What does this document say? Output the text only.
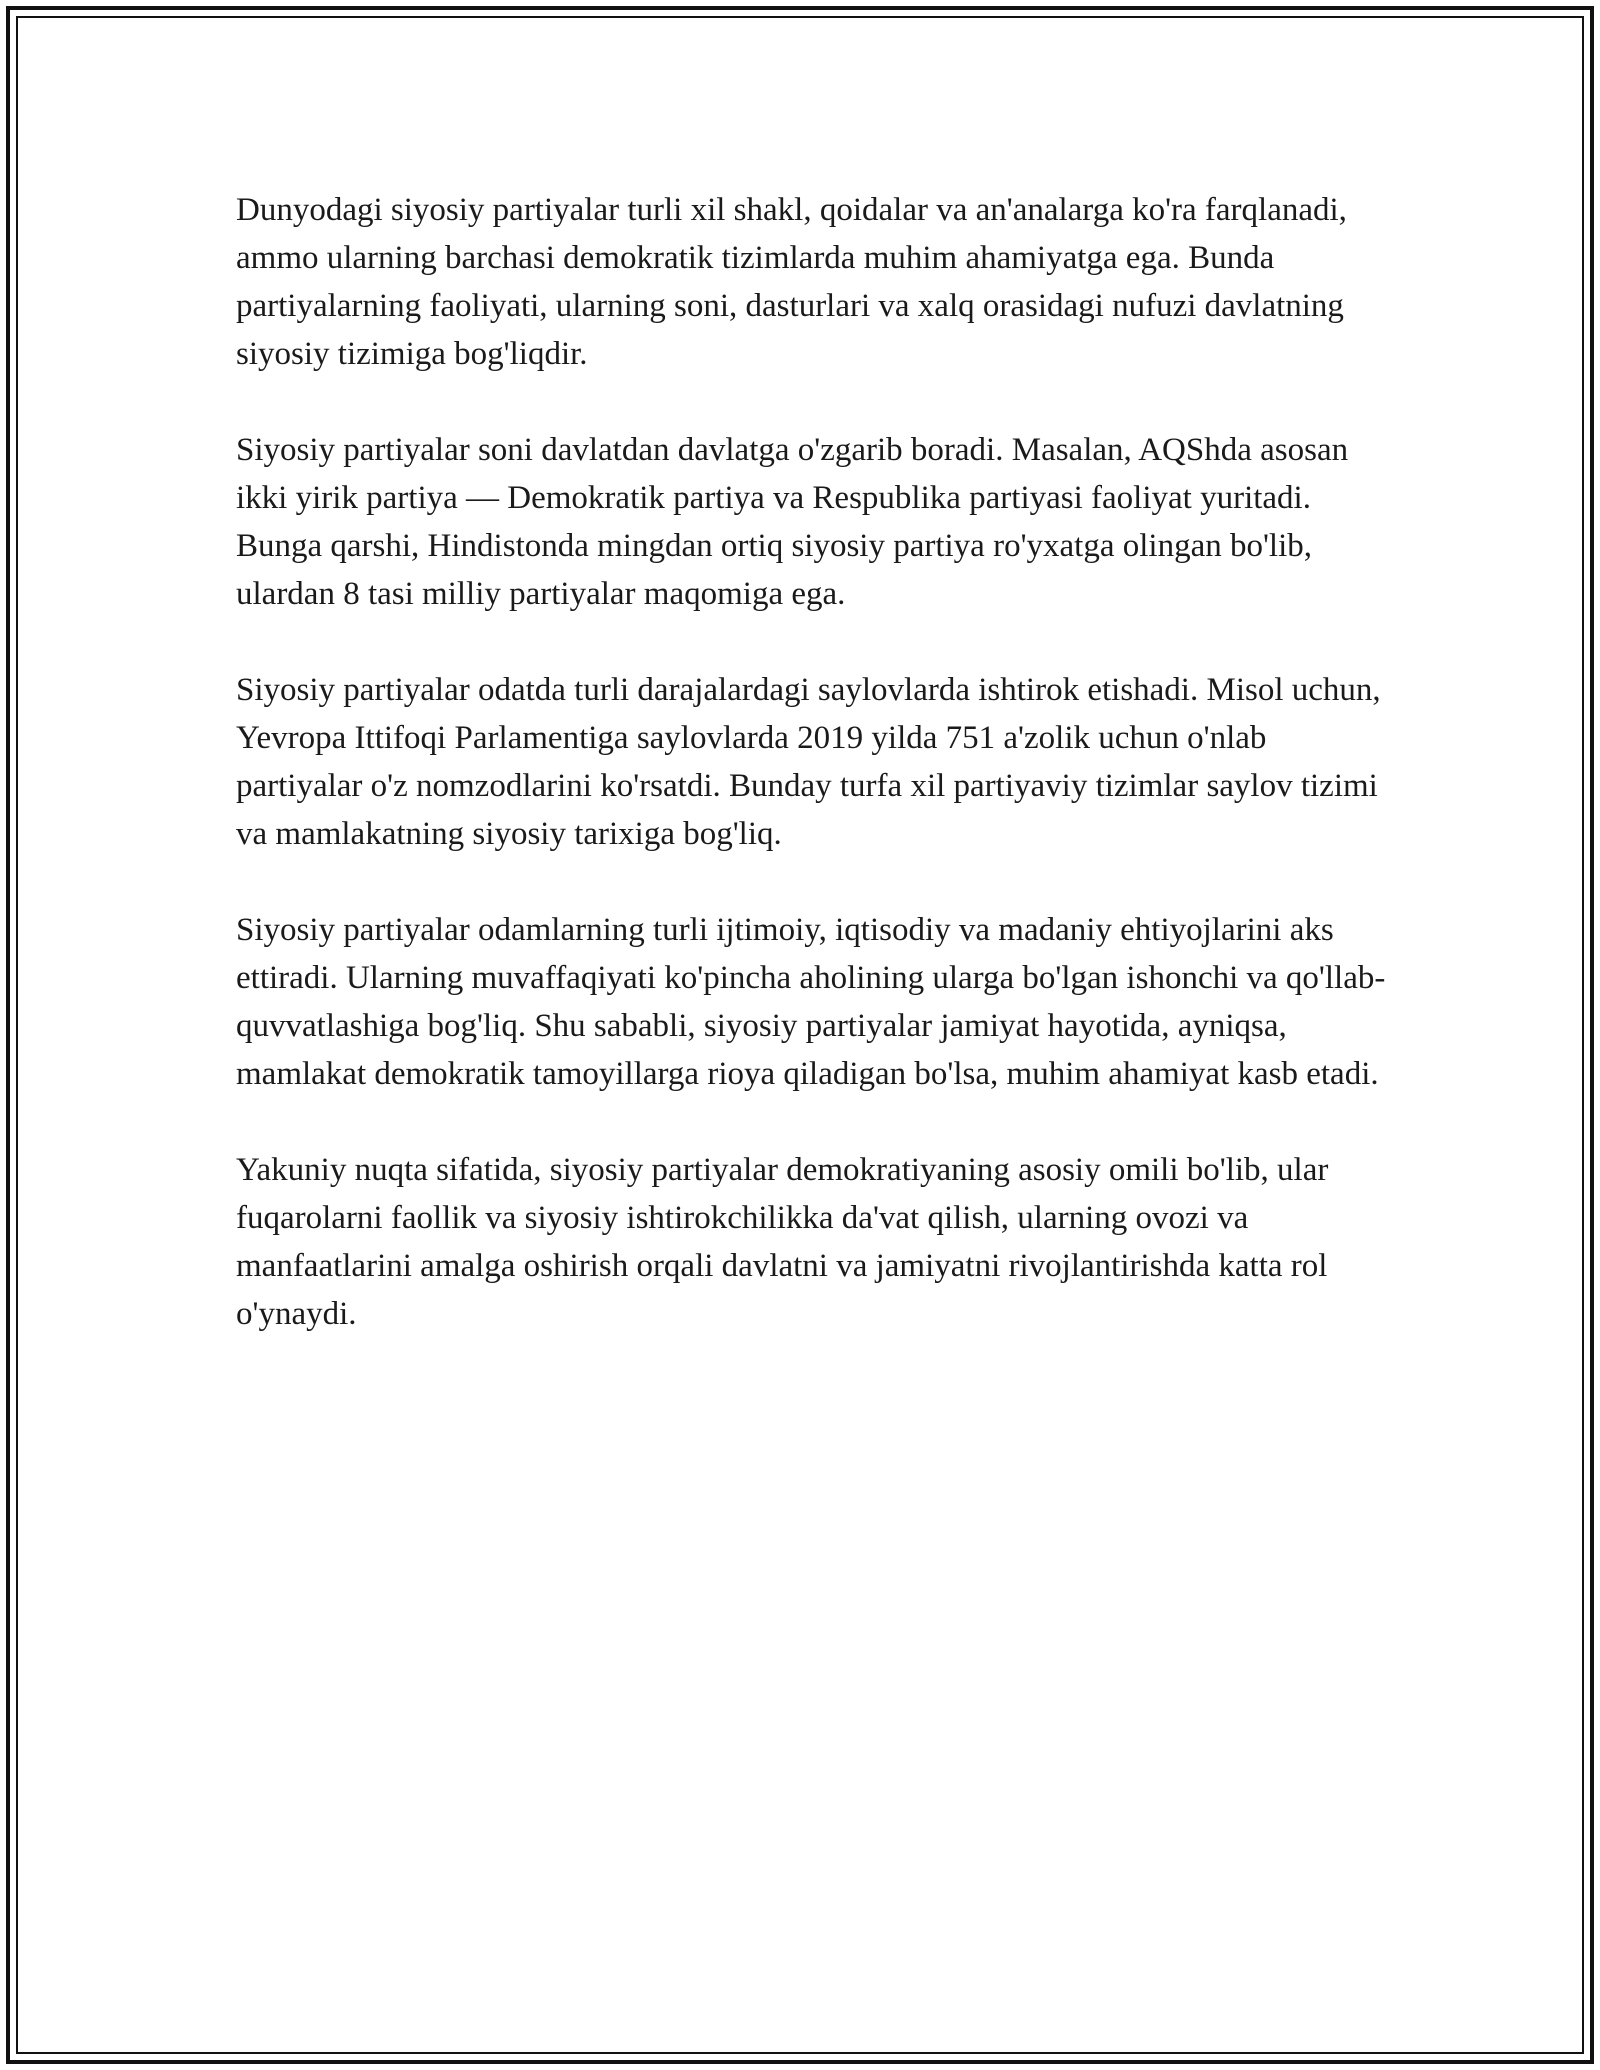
Dunyodagi siyosiy partiyalar turli xil shakl, qoidalar va an'analarga ko'ra farqlanadi, ammo ularning barchasi demokratik tizimlarda muhim ahamiyatga ega. Bunda partiyalarning faoliyati, ularning soni, dasturlari va xalq orasidagi nufuzi davlatning siyosiy tizimiga bog'liqdir.

Siyosiy partiyalar soni davlatdan davlatga o'zgarib boradi. Masalan, AQShda asosan ikki yirik partiya — Demokratik partiya va Respublika partiyasi faoliyat yuritadi. Bunga qarshi, Hindistonda mingdan ortiq siyosiy partiya ro'yxatga olingan bo'lib, ulardan 8 tasi milliy partiyalar maqomiga ega.

Siyosiy partiyalar odatda turli darajalardagi saylovlarda ishtirok etishadi. Misol uchun, Yevropa Ittifoqi Parlamentiga saylovlarda 2019 yilda 751 a'zolik uchun o'nlab partiyalar o'z nomzodlarini ko'rsatdi. Bunday turfa xil partiyaviy tizimlar saylov tizimi va mamlakatning siyosiy tarixiga bog'liq.

Siyosiy partiyalar odamlarning turli ijtimoiy, iqtisodiy va madaniy ehtiyojlarini aks ettiradi. Ularning muvaffaqiyati ko'pincha aholining ularga bo'lgan ishonchi va qo'llab-quvvatlashiga bog'liq. Shu sababli, siyosiy partiyalar jamiyat hayotida, ayniqsa, mamlakat demokratik tamoyillarga rioya qiladigan bo'lsa, muhim ahamiyat kasb etadi.

Yakuniy nuqta sifatida, siyosiy partiyalar demokratiyaning asosiy omili bo'lib, ular fuqarolarni faollik va siyosiy ishtirokchilikka da'vat qilish, ularning ovozi va manfaatlarini amalga oshirish orqali davlatni va jamiyatni rivojlantirishda katta rol o'ynaydi.
